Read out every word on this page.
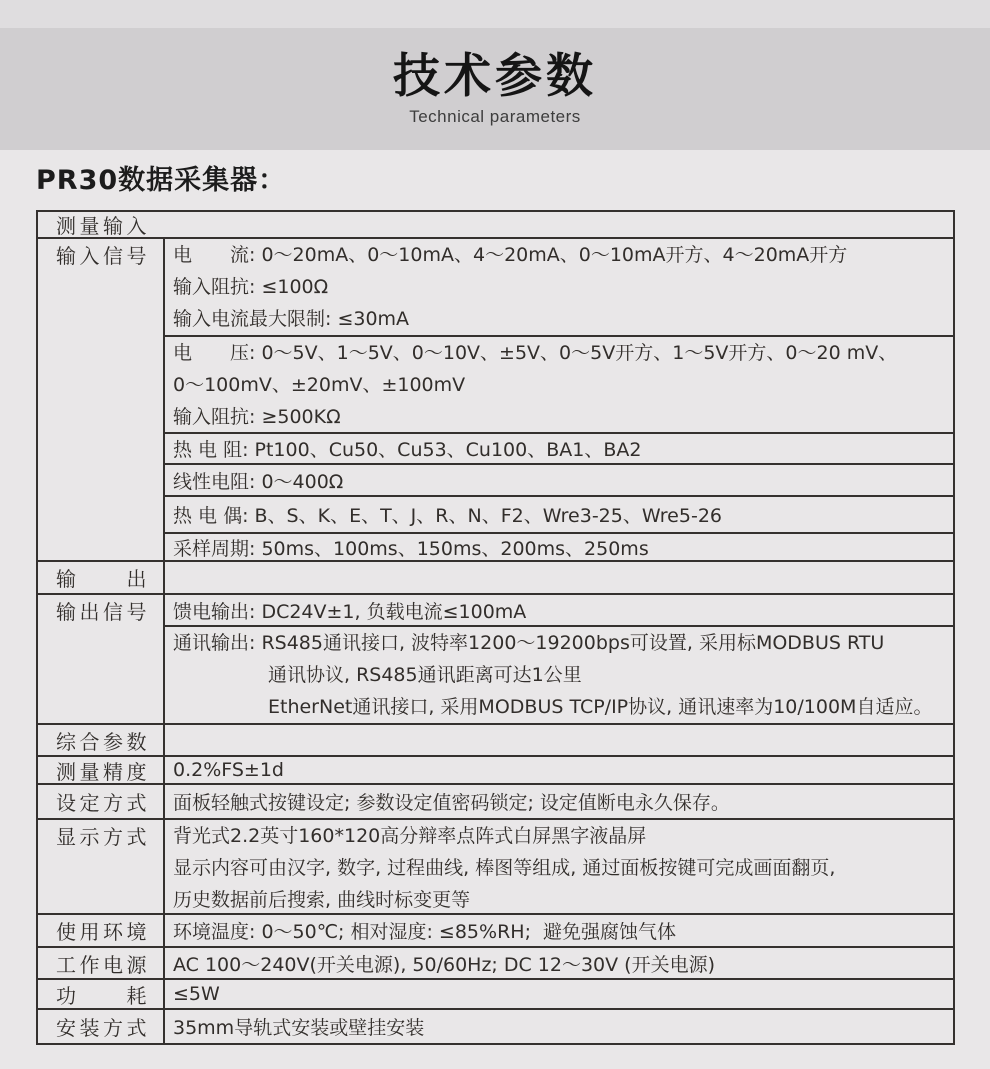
技术参数
Technical parameters
PR30数据采集器：
测量输入
输入信号	电　　流: 0～20mA、0～10mA、4～20mA、0～10mA开方、4～20mA开方
输入阻抗: ≤100Ω
输入电流最大限制: ≤30mA
电　　压: 0～5V、1～5V、0～10V、±5V、0～5V开方、1～5V开方、0～20 mV、
0～100mV、±20mV、±100mV
输入阻抗: ≥500KΩ
热 电 阻: Pt100、Cu50、Cu53、Cu100、BA1、BA2
线性电阻: 0～400Ω
热 电 偶: B、S、K、E、T、J、R、N、F2、Wre3-25、Wre5-26
采样周期: 50ms、100ms、150ms、200ms、250ms
输　　出
输出信号	馈电输出: DC24V±1, 负载电流≤100mA
通讯输出: RS485通讯接口, 波特率1200～19200bps可设置, 采用标MODBUS RTU
通讯协议, RS485通讯距离可达1公里
EtherNet通讯接口, 采用MODBUS TCP/IP协议, 通讯速率为10/100M自适应。
综合参数
测量精度	0.2%FS±1d
设定方式	面板轻触式按键设定; 参数设定值密码锁定; 设定值断电永久保存。
显示方式	背光式2.2英寸160*120高分辩率点阵式白屏黑字液晶屏
显示内容可由汉字, 数字, 过程曲线, 棒图等组成, 通过面板按键可完成画面翻页,
历史数据前后搜索, 曲线时标变更等
使用环境	环境温度: 0～50℃; 相对湿度: ≤85%RH;  避免强腐蚀气体
工作电源	AC 100～240V(开关电源), 50/60Hz; DC 12～30V (开关电源)
功　　耗	≤5W
安装方式	35mm导轨式安装或壁挂安装
